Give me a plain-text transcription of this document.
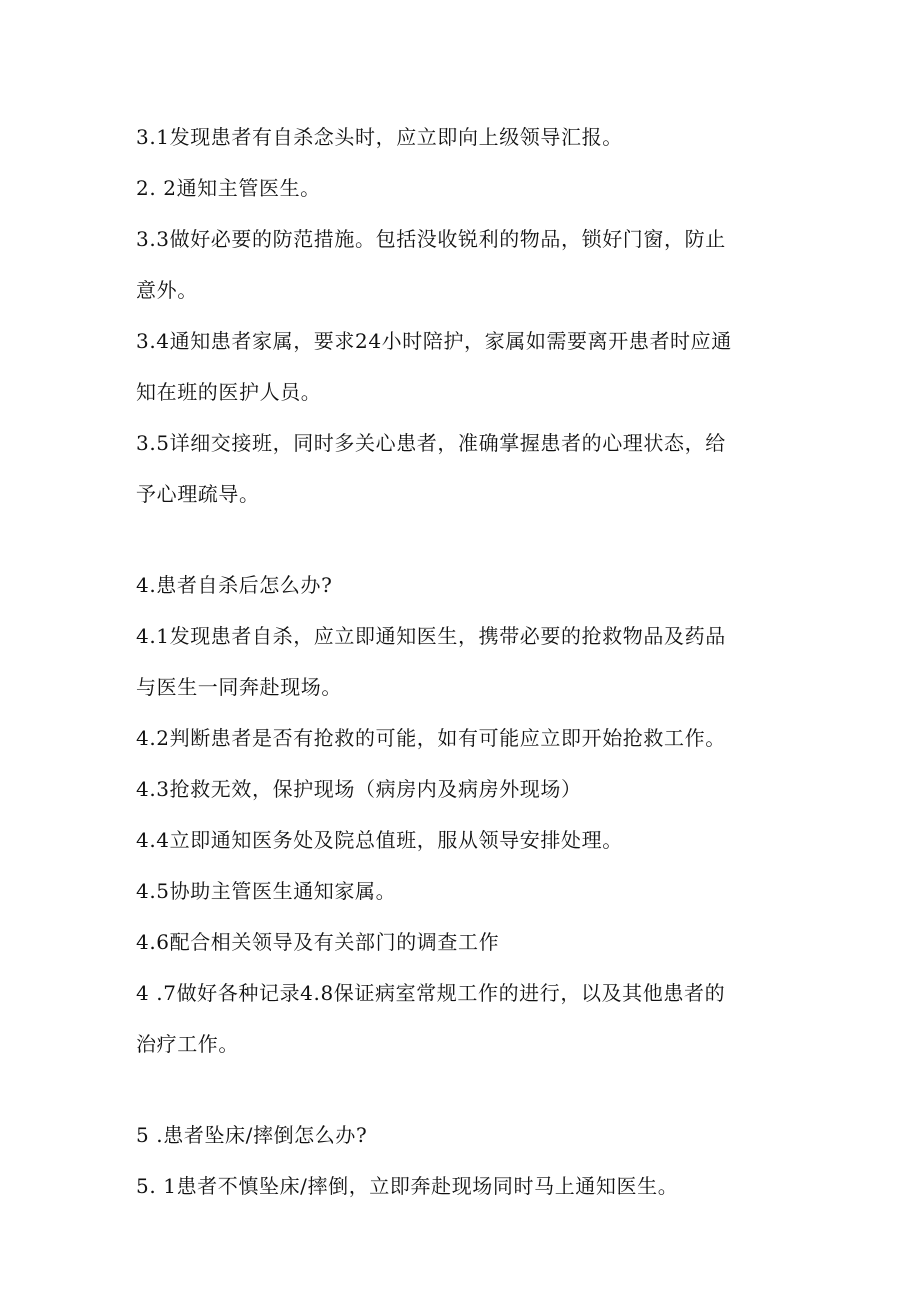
3.1发现患者有自杀念头时，应立即向上级领导汇报。
2. 2通知主管医生。
3.3做好必要的防范措施。包括没收锐利的物品，锁好门窗，防止
意外。
3.4通知患者家属，要求24小时陪护，家属如需要离开患者时应通
知在班的医护人员。
3.5详细交接班，同时多关心患者，准确掌握患者的心理状态，给
予心理疏导。
4.患者自杀后怎么办?
4.1发现患者自杀，应立即通知医生，携带必要的抢救物品及药品
与医生一同奔赴现场。
4.2判断患者是否有抢救的可能，如有可能应立即开始抢救工作。
4.3抢救无效，保护现场（病房内及病房外现场）
4.4立即通知医务处及院总值班，服从领导安排处理。
4.5协助主管医生通知家属。
4.6配合相关领导及有关部门的调查工作
4 .7做好各种记录4.8保证病室常规工作的进行，以及其他患者的
治疗工作。
5 .患者坠床/摔倒怎么办?
5. 1患者不慎坠床/摔倒，立即奔赴现场同时马上通知医生。
